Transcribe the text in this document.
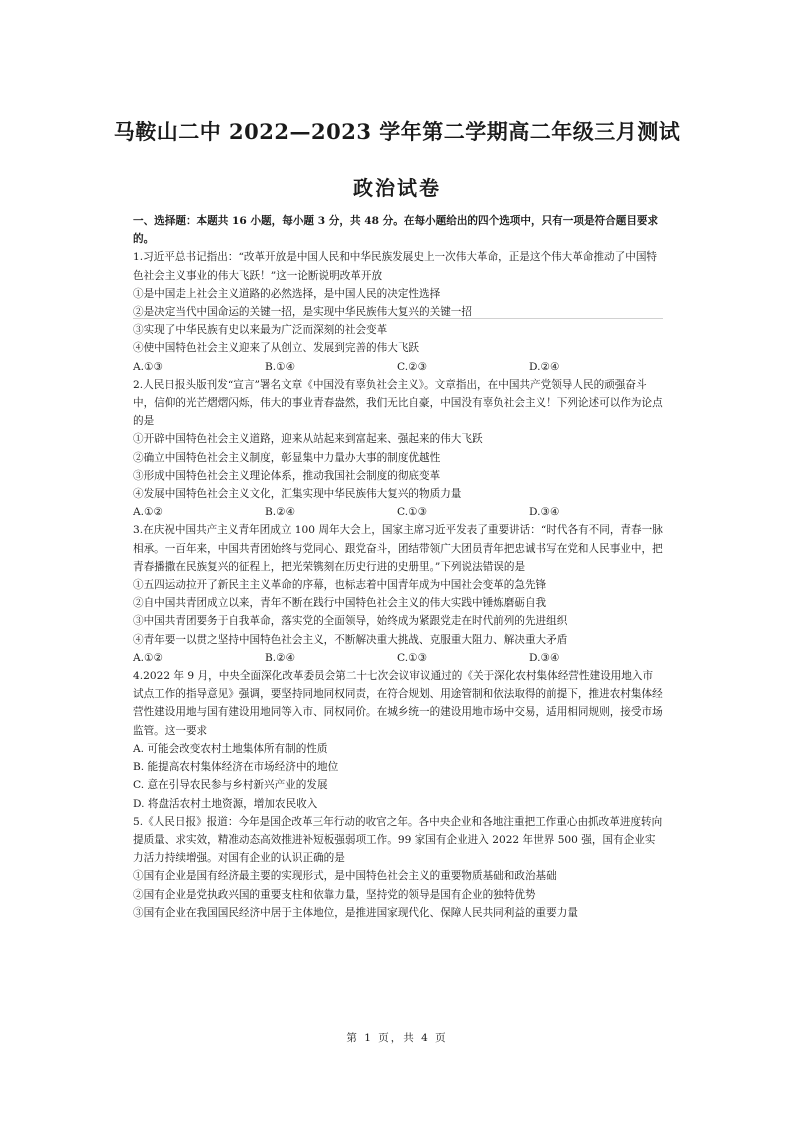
马鞍山二中 2022—2023 学年第二学期高二年级三月测试
政治试卷

一、选择题：本题共 16 小题，每小题 3 分，共 48 分。在每小题给出的四个选项中，只有一项是符合题目要求的。

1.习近平总书记指出：“改革开放是中国人民和中华民族发展史上一次伟大革命，正是这个伟大革命推动了中国特色社会主义事业的伟大飞跃！”这一论断说明改革开放

①是中国走上社会主义道路的必然选择，是中国人民的决定性选择

②是决定当代中国命运的关键一招，是实现中华民族伟大复兴的关键一招

③实现了中华民族有史以来最为广泛而深刻的社会变革

④使中国特色社会主义迎来了从创立、发展到完善的伟大飞跃

A.①③	B.①④	C.②③	D.②④

2.人民日报头版刊发“宣言”署名文章《中国没有辜负社会主义》。文章指出，在中国共产党领导人民的顽强奋斗中，信仰的光芒熠熠闪烁，伟大的事业青春盎然，我们无比自豪，中国没有辜负社会主义！下列论述可以作为论点的是

①开辟中国特色社会主义道路，迎来从站起来到富起来、强起来的伟大飞跃

②确立中国特色社会主义制度，彰显集中力量办大事的制度优越性

③形成中国特色社会主义理论体系，推动我国社会制度的彻底变革

④发展中国特色社会主义文化，汇集实现中华民族伟大复兴的物质力量

A.①②	B.②④	C.①③	D.③④

3.在庆祝中国共产主义青年团成立 100 周年大会上，国家主席习近平发表了重要讲话：“时代各有不同，青春一脉相承。一百年来，中国共青团始终与党同心、跟党奋斗，团结带领广大团员青年把忠诚书写在党和人民事业中，把青春播撒在民族复兴的征程上，把光荣镌刻在历史行进的史册里。”下列说法错误的是

①五四运动拉开了新民主主义革命的序幕，也标志着中国青年成为中国社会变革的急先锋

②自中国共青团成立以来，青年不断在践行中国特色社会主义的伟大实践中锤炼磨砺自我

③中国共青团要务于自我革命，落实党的全面领导，始终成为紧跟党走在时代前列的先进组织

④青年要一以贯之坚持中国特色社会主义，不断解决重大挑战、克服重大阻力、解决重大矛盾

A.①②	B.②④	C.①③	D.③④

4.2022 年 9 月，中央全面深化改革委员会第二十七次会议审议通过的《关于深化农村集体经营性建设用地入市试点工作的指导意见》强调，要坚持同地同权同责，在符合规划、用途管制和依法取得的前提下，推进农村集体经营性建设用地与国有建设用地同等入市、同权同价。在城乡统一的建设用地市场中交易，适用相同规则，接受市场监管。这一要求

A. 可能会改变农村土地集体所有制的性质

B. 能提高农村集体经济在市场经济中的地位

C. 意在引导农民参与乡村新兴产业的发展

D. 将盘活农村土地资源，增加农民收入

5.《人民日报》报道：今年是国企改革三年行动的收官之年。各中央企业和各地注重把工作重心由抓改革进度转向提质量、求实效，精准动态高效推进补短板强弱项工作。99 家国有企业进入 2022 年世界 500 强，国有企业实力活力持续增强。对国有企业的认识正确的是

①国有企业是国有经济最主要的实现形式，是中国特色社会主义的重要物质基础和政治基础

②国有企业是党执政兴国的重要支柱和依靠力量，坚持党的领导是国有企业的独特优势

③国有企业在我国国民经济中居于主体地位，是推进国家现代化、保障人民共同利益的重要力量

第 1 页，共 4 页
